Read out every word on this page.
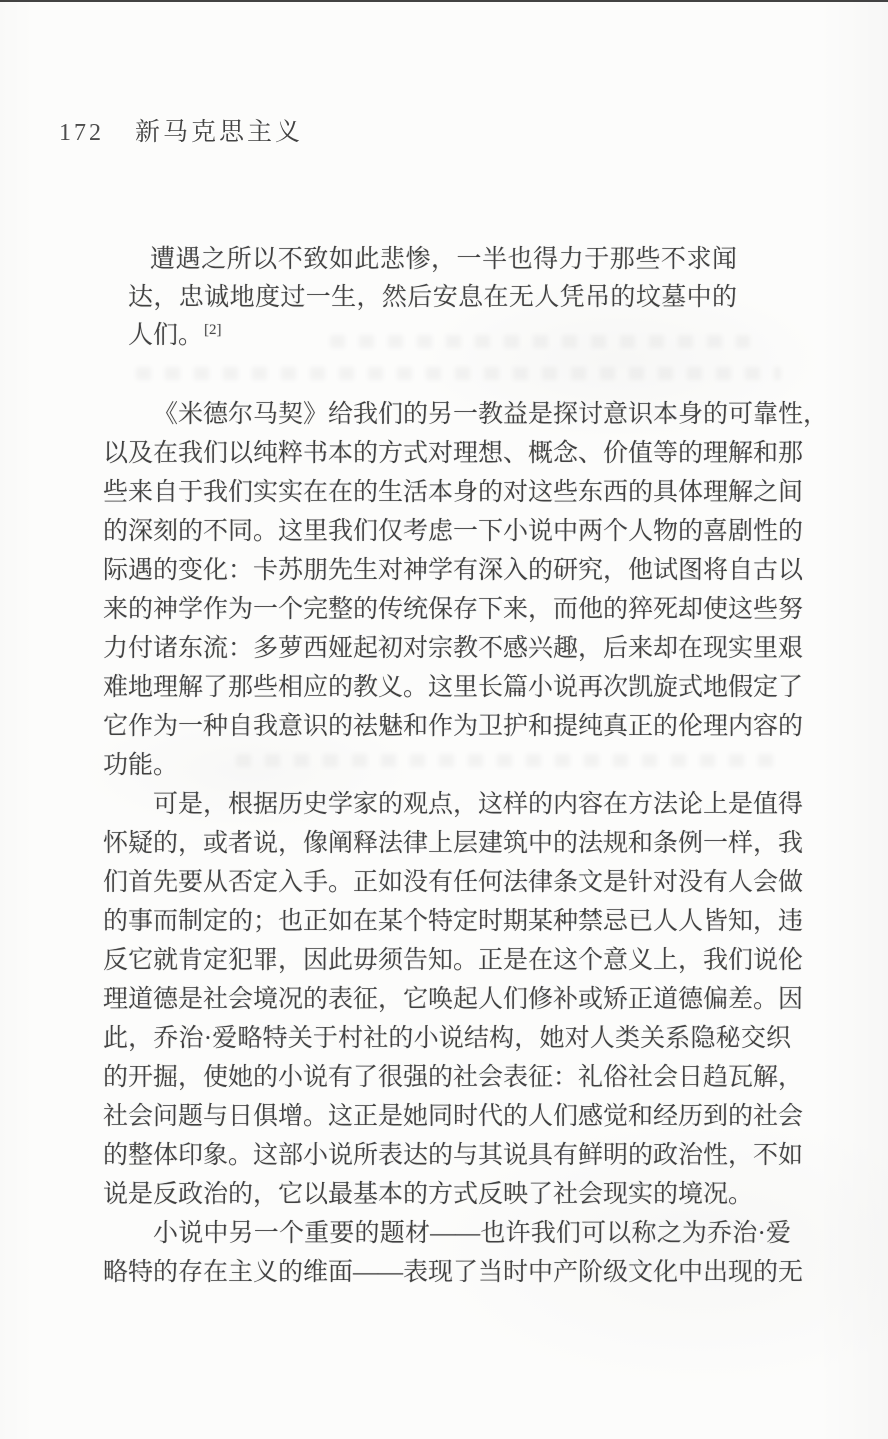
172 新马克思主义
遭遇之所以不致如此悲惨，一半也得力于那些不求闻
达，忠诚地度过一生，然后安息在无人凭吊的坟墓中的
人们。[2]
《米德尔马契》给我们的另一教益是探讨意识本身的可靠性，
以及在我们以纯粹书本的方式对理想、概念、价值等的理解和那
些来自于我们实实在在的生活本身的对这些东西的具体理解之间
的深刻的不同。这里我们仅考虑一下小说中两个人物的喜剧性的
际遇的变化：卡苏朋先生对神学有深入的研究，他试图将自古以
来的神学作为一个完整的传统保存下来，而他的猝死却使这些努
力付诸东流：多萝西娅起初对宗教不感兴趣，后来却在现实里艰
难地理解了那些相应的教义。这里长篇小说再次凯旋式地假定了
它作为一种自我意识的祛魅和作为卫护和提纯真正的伦理内容的
功能。
可是，根据历史学家的观点，这样的内容在方法论上是值得
怀疑的，或者说，像阐释法律上层建筑中的法规和条例一样，我
们首先要从否定入手。正如没有任何法律条文是针对没有人会做
的事而制定的；也正如在某个特定时期某种禁忌已人人皆知，违
反它就肯定犯罪，因此毋须告知。正是在这个意义上，我们说伦
理道德是社会境况的表征，它唤起人们修补或矫正道德偏差。因
此，乔治·爱略特关于村社的小说结构，她对人类关系隐秘交织
的开掘，使她的小说有了很强的社会表征：礼俗社会日趋瓦解，
社会问题与日俱增。这正是她同时代的人们感觉和经历到的社会
的整体印象。这部小说所表达的与其说具有鲜明的政治性，不如
说是反政治的，它以最基本的方式反映了社会现实的境况。
小说中另一个重要的题材——也许我们可以称之为乔治·爱
略特的存在主义的维面——表现了当时中产阶级文化中出现的无
